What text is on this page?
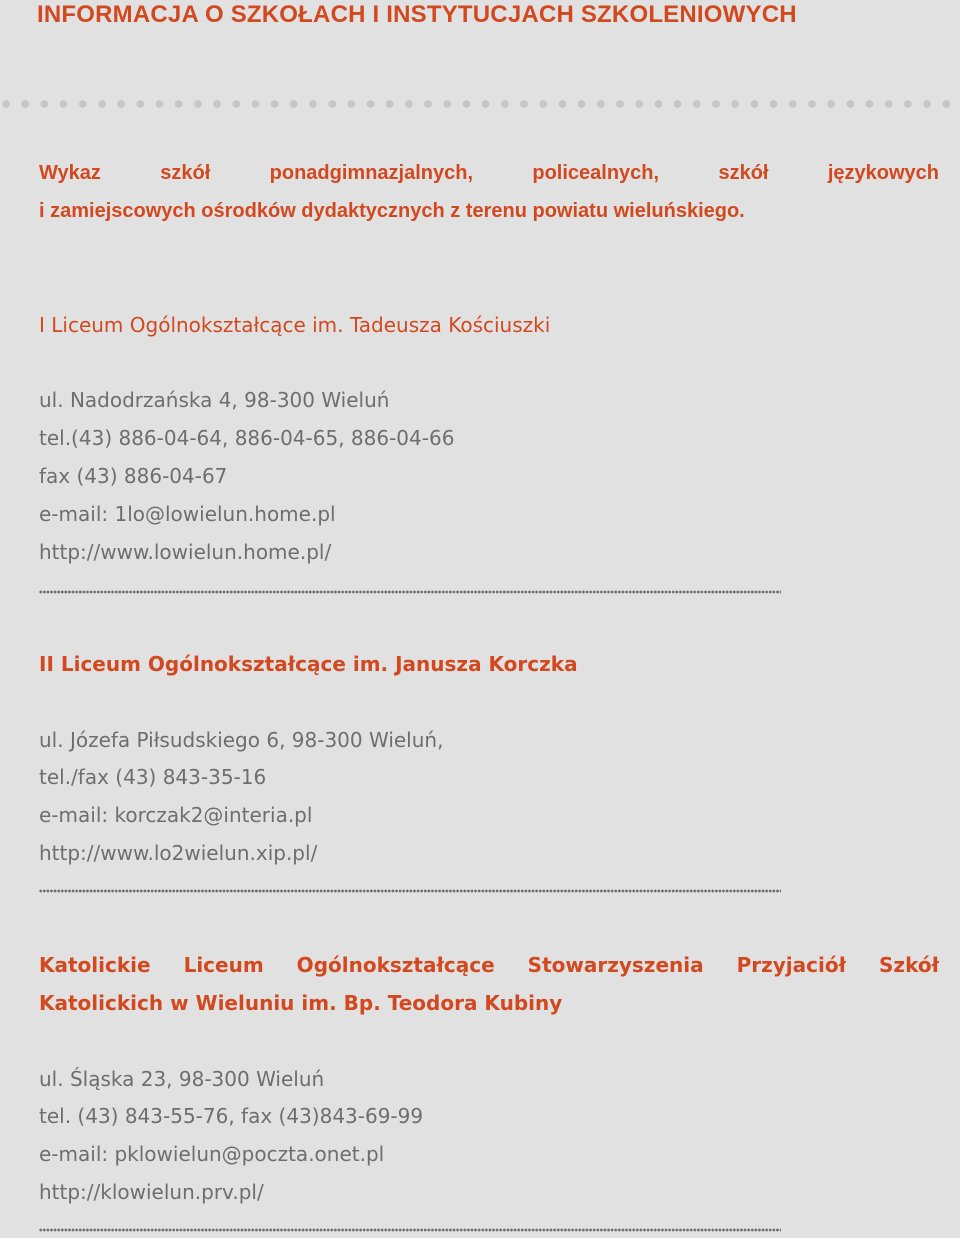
INFORMACJA O SZKOŁACH I INSTYTUCJACH SZKOLENIOWYCH

Wykaz szkół ponadgimnazjalnych, policealnych, szkół językowych

i zamiejscowych ośrodków dydaktycznych z terenu powiatu wieluńskiego.

I Liceum Ogólnokształcące im. Tadeusza Kościuszki

ul. Nadodrzańska 4, 98-300 Wieluń

tel.(43) 886-04-64, 886-04-65, 886-04-66

fax (43) 886-04-67

e-mail: 1lo@lowielun.home.pl

http://www.lowielun.home.pl/

II Liceum Ogólnokształcące im. Janusza Korczka

ul. Józefa Piłsudskiego 6, 98-300 Wieluń,

tel./fax (43) 843-35-16

e-mail: korczak2@interia.pl

http://www.lo2wielun.xip.pl/

Katolickie Liceum Ogólnokształcące Stowarzyszenia Przyjaciół Szkół

Katolickich w Wieluniu im. Bp. Teodora Kubiny

ul. Śląska 23, 98-300 Wieluń

tel. (43) 843-55-76, fax (43)843-69-99

e-mail: pklowielun@poczta.onet.pl

http://klowielun.prv.pl/
